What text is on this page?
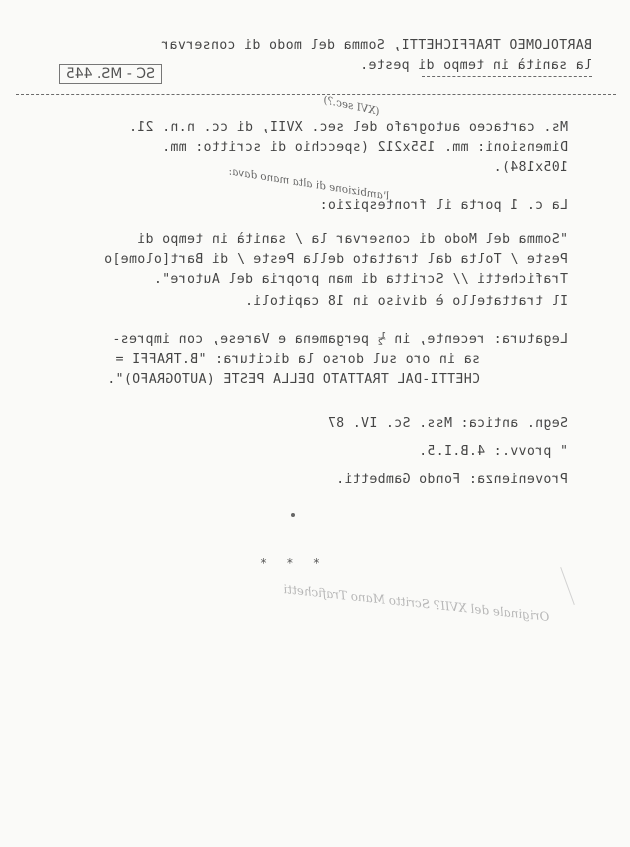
BARTOLOMEO TRAFFICHETTI, Somma del modo di conservar
la sanità in tempo di peste.
SC - MS. 445
(XVI sec.?)
Ms. cartaceo autografo del sec. XVII, di cc. n.n. 21.
Dimensioni: mm. 155x212 (specchio di scritto: mm.
105x184).
l'ambizione di alta mano dava:
La c. 1 porta il frontespizio:
"Somma del Modo di conservar la / sanità in tempo di
Peste / Tolta dal trattato della Peste / di Bart[olome]o
Trafichetti // Scritta di man propria del Autore".
Il trattatello è diviso in 18 capitoli.
Legatura: recente, in ½ pergamena e Varese, con impres-
sa in oro sul dorso la dicitura: "B.TRAFFI =
CHETTI-DAL TRATTATO DELLA PESTE (AUTOGRAFO)".
Segn. antica: Mss. Sc. IV. 87
" provv.: 4.B.I.5.
Provenienza: Fondo Gambetti.
* * *
Originale del XVII? Scritto Mano Trafichetti
